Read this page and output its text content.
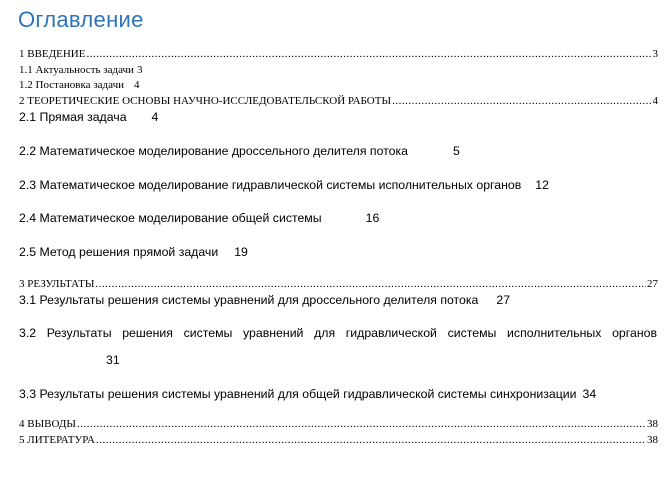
Оглавление
1 ВВЕДЕНИЕ .....	3
1.1 Актуальность задачи 3
1.2 Постановка задачи 4
2 ТЕОРЕТИЧЕСКИЕ ОСНОВЫ НАУЧНО-ИССЛЕДОВАТЕЛЬСКОЙ РАБОТЫ .....	4
2.1 Прямая задача 4
2.2 Математическое моделирование дроссельного делителя потока	5
2.3 Математическое моделирование гидравлической системы исполнительных органов 12
2.4 Математическое моделирование общей системы	16
2.5 Метод решения прямой задачи 19
3 РЕЗУЛЬТАТЫ .....	27
3.1 Результаты решения системы уравнений для дроссельного делителя потока 27
3.2 Результаты решения системы уравнений для гидравлической системы исполнительных органов
31
3.3 Результаты решения системы уравнений для общей гидравлической системы синхронизации 34
4 ВЫВОДЫ .....	38
5 ЛИТЕРАТУРА .....	38
